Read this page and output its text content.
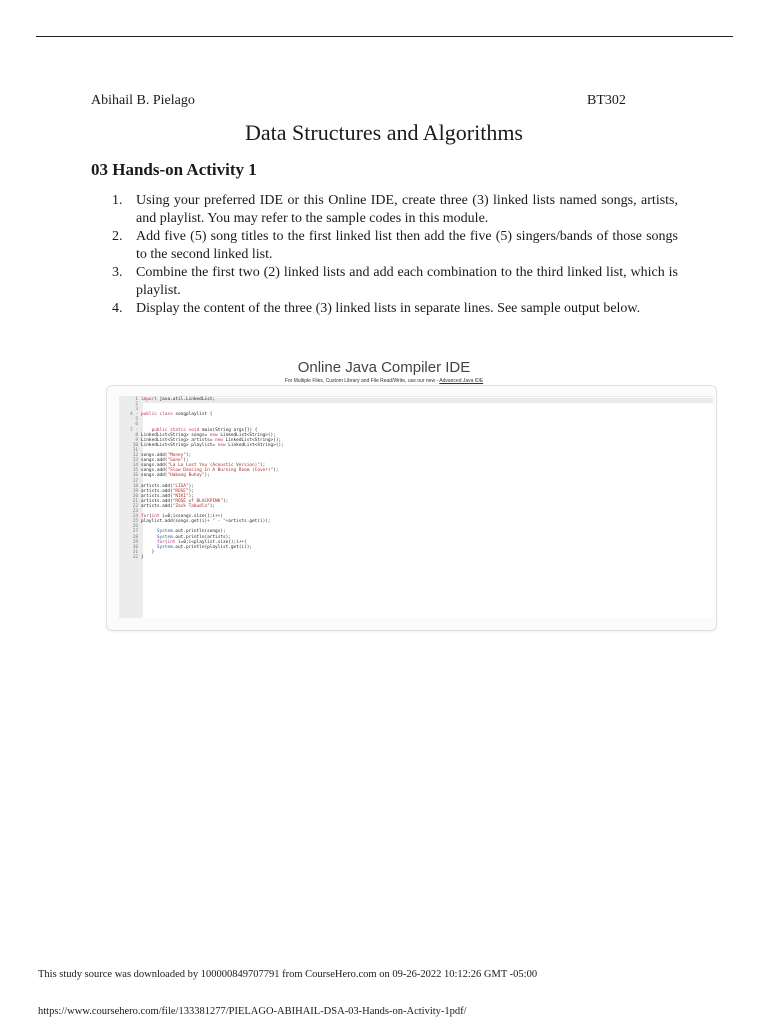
Abihail B. Pielago	BT302
Data Structures and Algorithms
03 Hands-on Activity 1
1. Using your preferred IDE or this Online IDE, create three (3) linked lists named songs, artists, and playlist. You may refer to the sample codes in this module.
2. Add five (5) song titles to the first linked list then add the five (5) singers/bands of those songs to the second linked list.
3. Combine the first two (2) linked lists and add each combination to the third linked list, which is playlist.
4. Display the content of the three (3) linked lists in separate lines. See sample output below.
Online Java Compiler IDE
For Multiple Files, Custom Library and File Read/Write, use our new - Advanced Java IDE
1 import java.util.LinkedList;
2
3
4 - public class songplaylist {
5
6
7 -	public static void main(String args[]) {
8 LinkedList<String> songs= new LinkedList<String>();
9 LinkedList<String> artists= new LinkedList<String>();
10 LinkedList<String> playlist= new LinkedList<String>();
11
12 songs.add("Money");
13 songs.add("Gone");
14 songs.add("La La Lost You (Acoustic Version)");
15 songs.add("Slow Dancing In A Burning Room (Cover)");
16 songs.add("Habang Buhay");
17
18 artists.add("LISA");
19 artists.add("ROSE");
20 artists.add("NIKI");
21 artists.add("ROSÉ of BLACKPINK");
22 artists.add("Zack Tabudlo");
23
24 for(int i=0;i<songs.size();i++)
25 playlist.add(songs.get(i)+ " - "+artists.get(i));
26
27	System.out.println(songs);
28	System.out.println(artists);
29	for(int i=0;i<playlist.size();i++)
30	System.out.println(playlist.get(i));
31    }
32 }
This study source was downloaded by 100000849707791 from CourseHero.com on 09-26-2022 10:12:26 GMT -05:00
https://www.coursehero.com/file/133381277/PIELAGO-ABIHAIL-DSA-03-Hands-on-Activity-1pdf/
